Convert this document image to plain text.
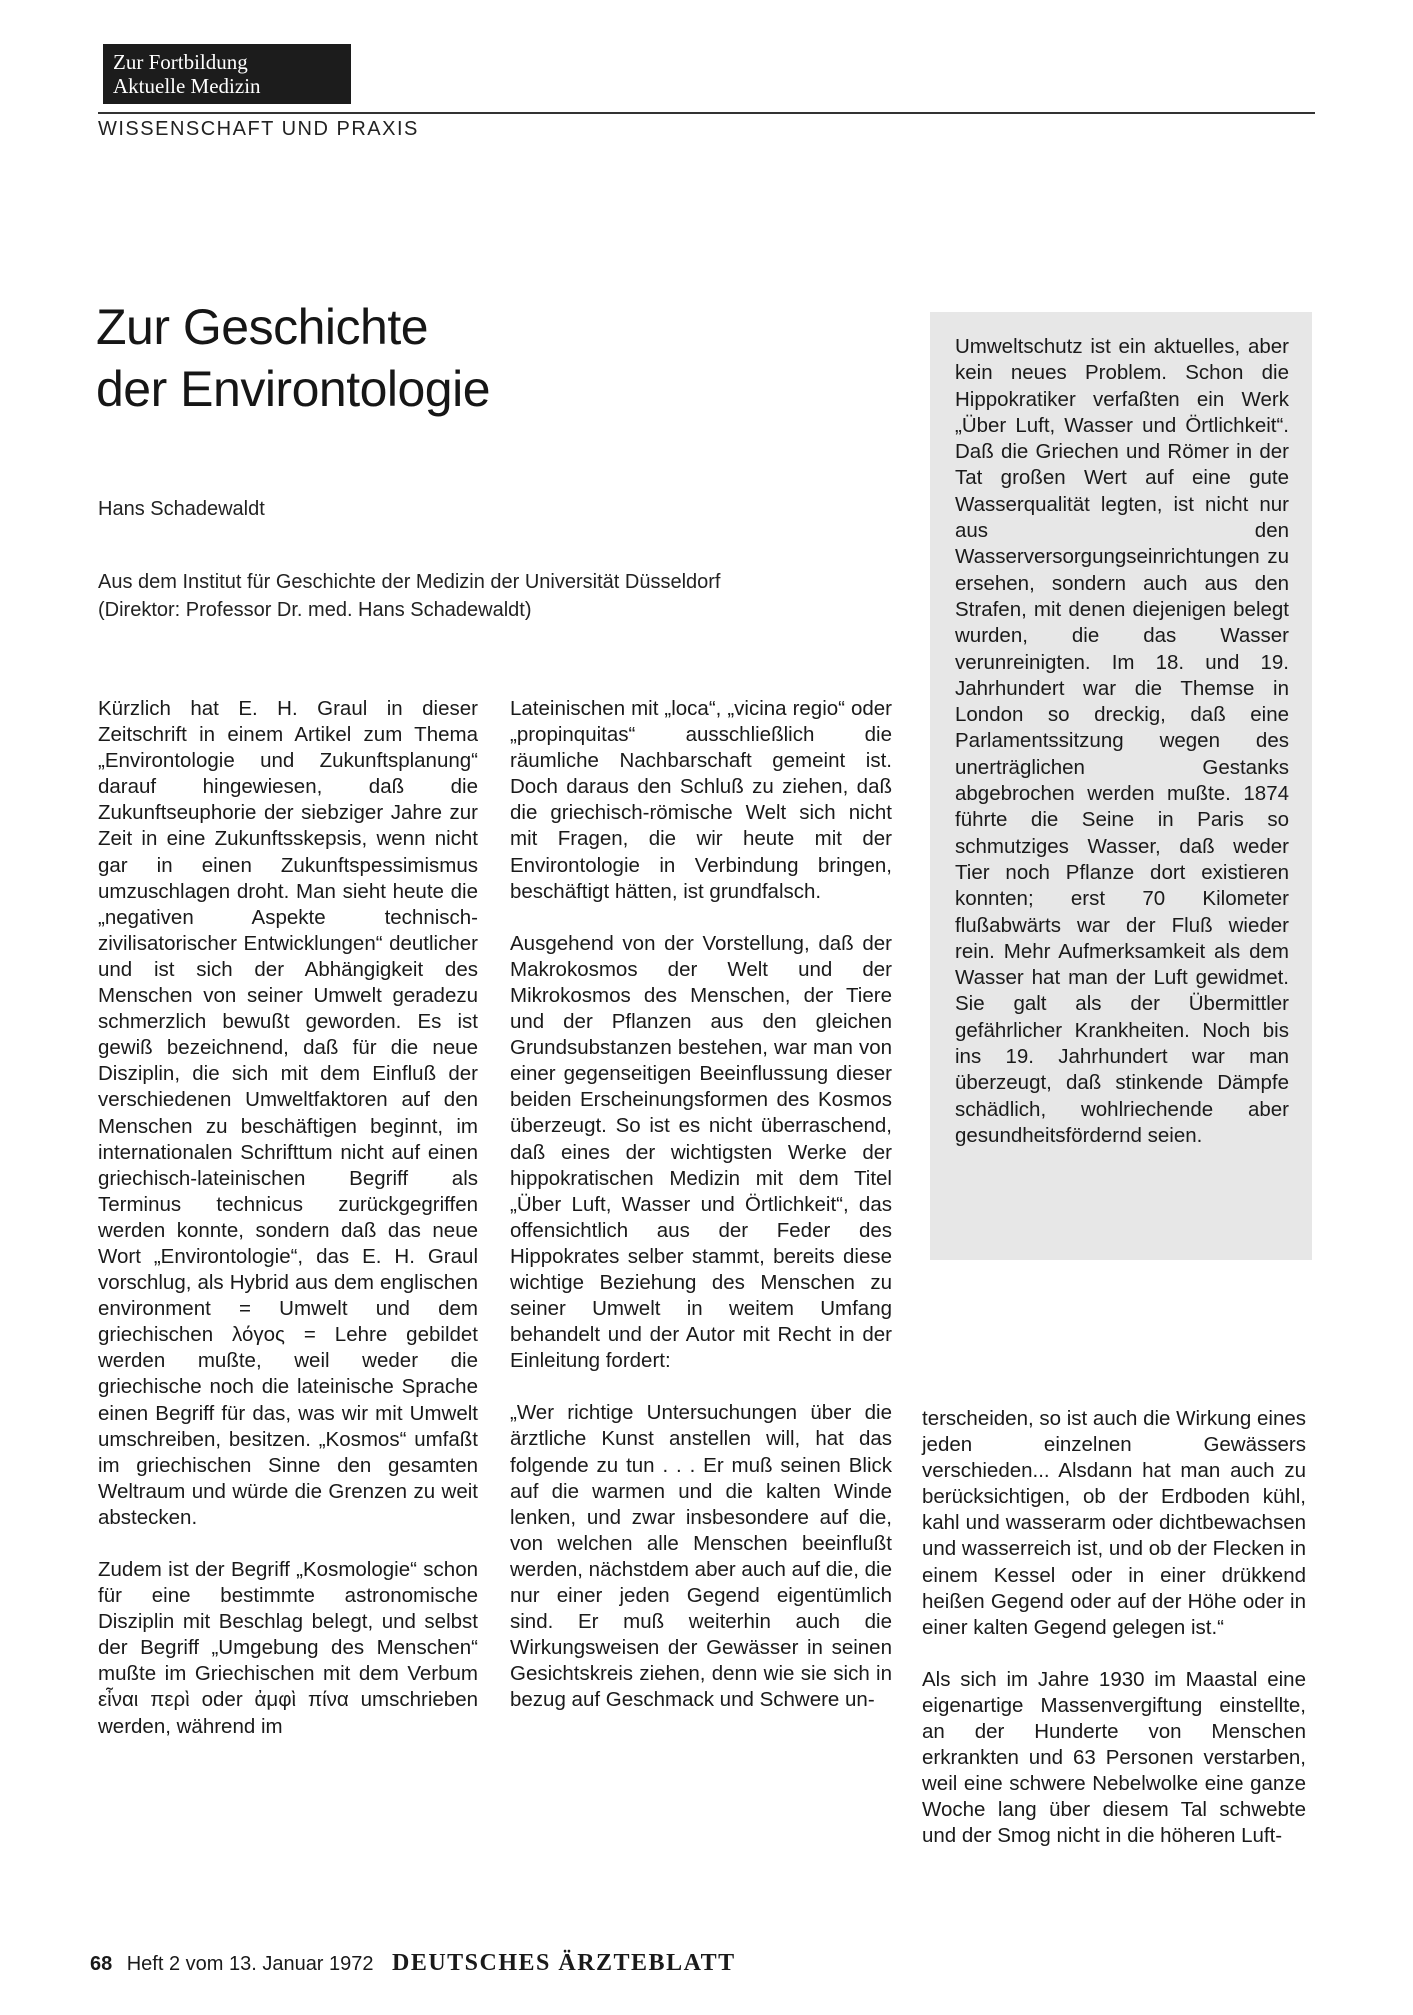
Zur Fortbildung
Aktuelle Medizin
WISSENSCHAFT UND PRAXIS
Zur Geschichte
der Environtologie
Hans Schadewaldt
Aus dem Institut für Geschichte der Medizin der Universität Düsseldorf
(Direktor: Professor Dr. med. Hans Schadewaldt)
Umweltschutz ist ein aktuelles, aber kein neues Problem. Schon die Hippokratiker verfaßten ein Werk „Über Luft, Wasser und Örtlichkeit“. Daß die Griechen und Römer in der Tat großen Wert auf eine gute Wasserqualität legten, ist nicht nur aus den Wasserversorgungseinrichtungen zu ersehen, sondern auch aus den Strafen, mit denen diejenigen belegt wurden, die das Wasser verunreinigten. Im 18. und 19. Jahrhundert war die Themse in London so dreckig, daß eine Parlamentssitzung wegen des unerträglichen Gestanks abgebrochen werden mußte. 1874 führte die Seine in Paris so schmutziges Wasser, daß weder Tier noch Pflanze dort existieren konnten; erst 70 Kilometer flußabwärts war der Fluß wieder rein. Mehr Aufmerksamkeit als dem Wasser hat man der Luft gewidmet. Sie galt als der Übermittler gefährlicher Krankheiten. Noch bis ins 19. Jahrhundert war man überzeugt, daß stinkende Dämpfe schädlich, wohlriechende aber gesundheitsfördernd seien.

Kürzlich hat E. H. Graul in dieser Zeitschrift in einem Artikel zum Thema „Environtologie und Zukunftsplanung“ darauf hingewiesen, daß die Zukunftseuphorie der siebziger Jahre zur Zeit in eine Zukunftsskepsis, wenn nicht gar in einen Zukunftspessimismus umzuschlagen droht. Man sieht heute die „negativen Aspekte technisch-zivilisatorischer Entwicklungen“ deutlicher und ist sich der Abhängigkeit des Menschen von seiner Umwelt geradezu schmerzlich bewußt geworden. Es ist gewiß bezeichnend, daß für die neue Disziplin, die sich mit dem Einfluß der verschiedenen Umweltfaktoren auf den Menschen zu beschäftigen beginnt, im internationalen Schrifttum nicht auf einen griechisch-lateinischen Begriff als Terminus technicus zurückgegriffen werden konnte, sondern daß das neue Wort „Environtologie“, das E. H. Graul vorschlug, als Hybrid aus dem englischen environment = Umwelt und dem griechischen λόγος = Lehre gebildet werden mußte, weil weder die griechische noch die lateinische Sprache einen Begriff für das, was wir mit Umwelt umschreiben, besitzen. „Kosmos“ umfaßt im griechischen Sinne den gesamten Weltraum und würde die Grenzen zu weit abstecken.

Zudem ist der Begriff „Kosmologie“ schon für eine bestimmte astronomische Disziplin mit Beschlag belegt, und selbst der Begriff „Umgebung des Menschen“ mußte im Griechischen mit dem Verbum εἶναι περὶ oder ἀμφὶ πίνα umschrieben werden, während im

Lateinischen mit „loca“, „vicina regio“ oder „propinquitas“ ausschließlich die räumliche Nachbarschaft gemeint ist. Doch daraus den Schluß zu ziehen, daß die griechisch-römische Welt sich nicht mit Fragen, die wir heute mit der Environtologie in Verbindung bringen, beschäftigt hätten, ist grundfalsch.

Ausgehend von der Vorstellung, daß der Makrokosmos der Welt und der Mikrokosmos des Menschen, der Tiere und der Pflanzen aus den gleichen Grundsubstanzen bestehen, war man von einer gegenseitigen Beeinflussung dieser beiden Erscheinungsformen des Kosmos überzeugt. So ist es nicht überraschend, daß eines der wichtigsten Werke der hippokratischen Medizin mit dem Titel „Über Luft, Wasser und Örtlichkeit“, das offensichtlich aus der Feder des Hippokrates selber stammt, bereits diese wichtige Beziehung des Menschen zu seiner Umwelt in weitem Umfang behandelt und der Autor mit Recht in der Einleitung fordert:

„Wer richtige Untersuchungen über die ärztliche Kunst anstellen will, hat das folgende zu tun . . . Er muß seinen Blick auf die warmen und die kalten Winde lenken, und zwar insbesondere auf die, von welchen alle Menschen beeinflußt werden, nächstdem aber auch auf die, die nur einer jeden Gegend eigentümlich sind. Er muß weiterhin auch die Wirkungsweisen der Gewässer in seinen Gesichtskreis ziehen, denn wie sie sich in bezug auf Geschmack und Schwere un-

terscheiden, so ist auch die Wirkung eines jeden einzelnen Gewässers verschieden... Alsdann hat man auch zu berücksichtigen, ob der Erdboden kühl, kahl und wasserarm oder dichtbewachsen und wasserreich ist, und ob der Flecken in einem Kessel oder in einer drükkend heißen Gegend oder auf der Höhe oder in einer kalten Gegend gelegen ist.“

Als sich im Jahre 1930 im Maastal eine eigenartige Massenvergiftung einstellte, an der Hunderte von Menschen erkrankten und 63 Personen verstarben, weil eine schwere Nebelwolke eine ganze Woche lang über diesem Tal schwebte und der Smog nicht in die höheren Luft-

68 Heft 2 vom 13. Januar 1972 DEUTSCHES ÄRZTEBLATT
